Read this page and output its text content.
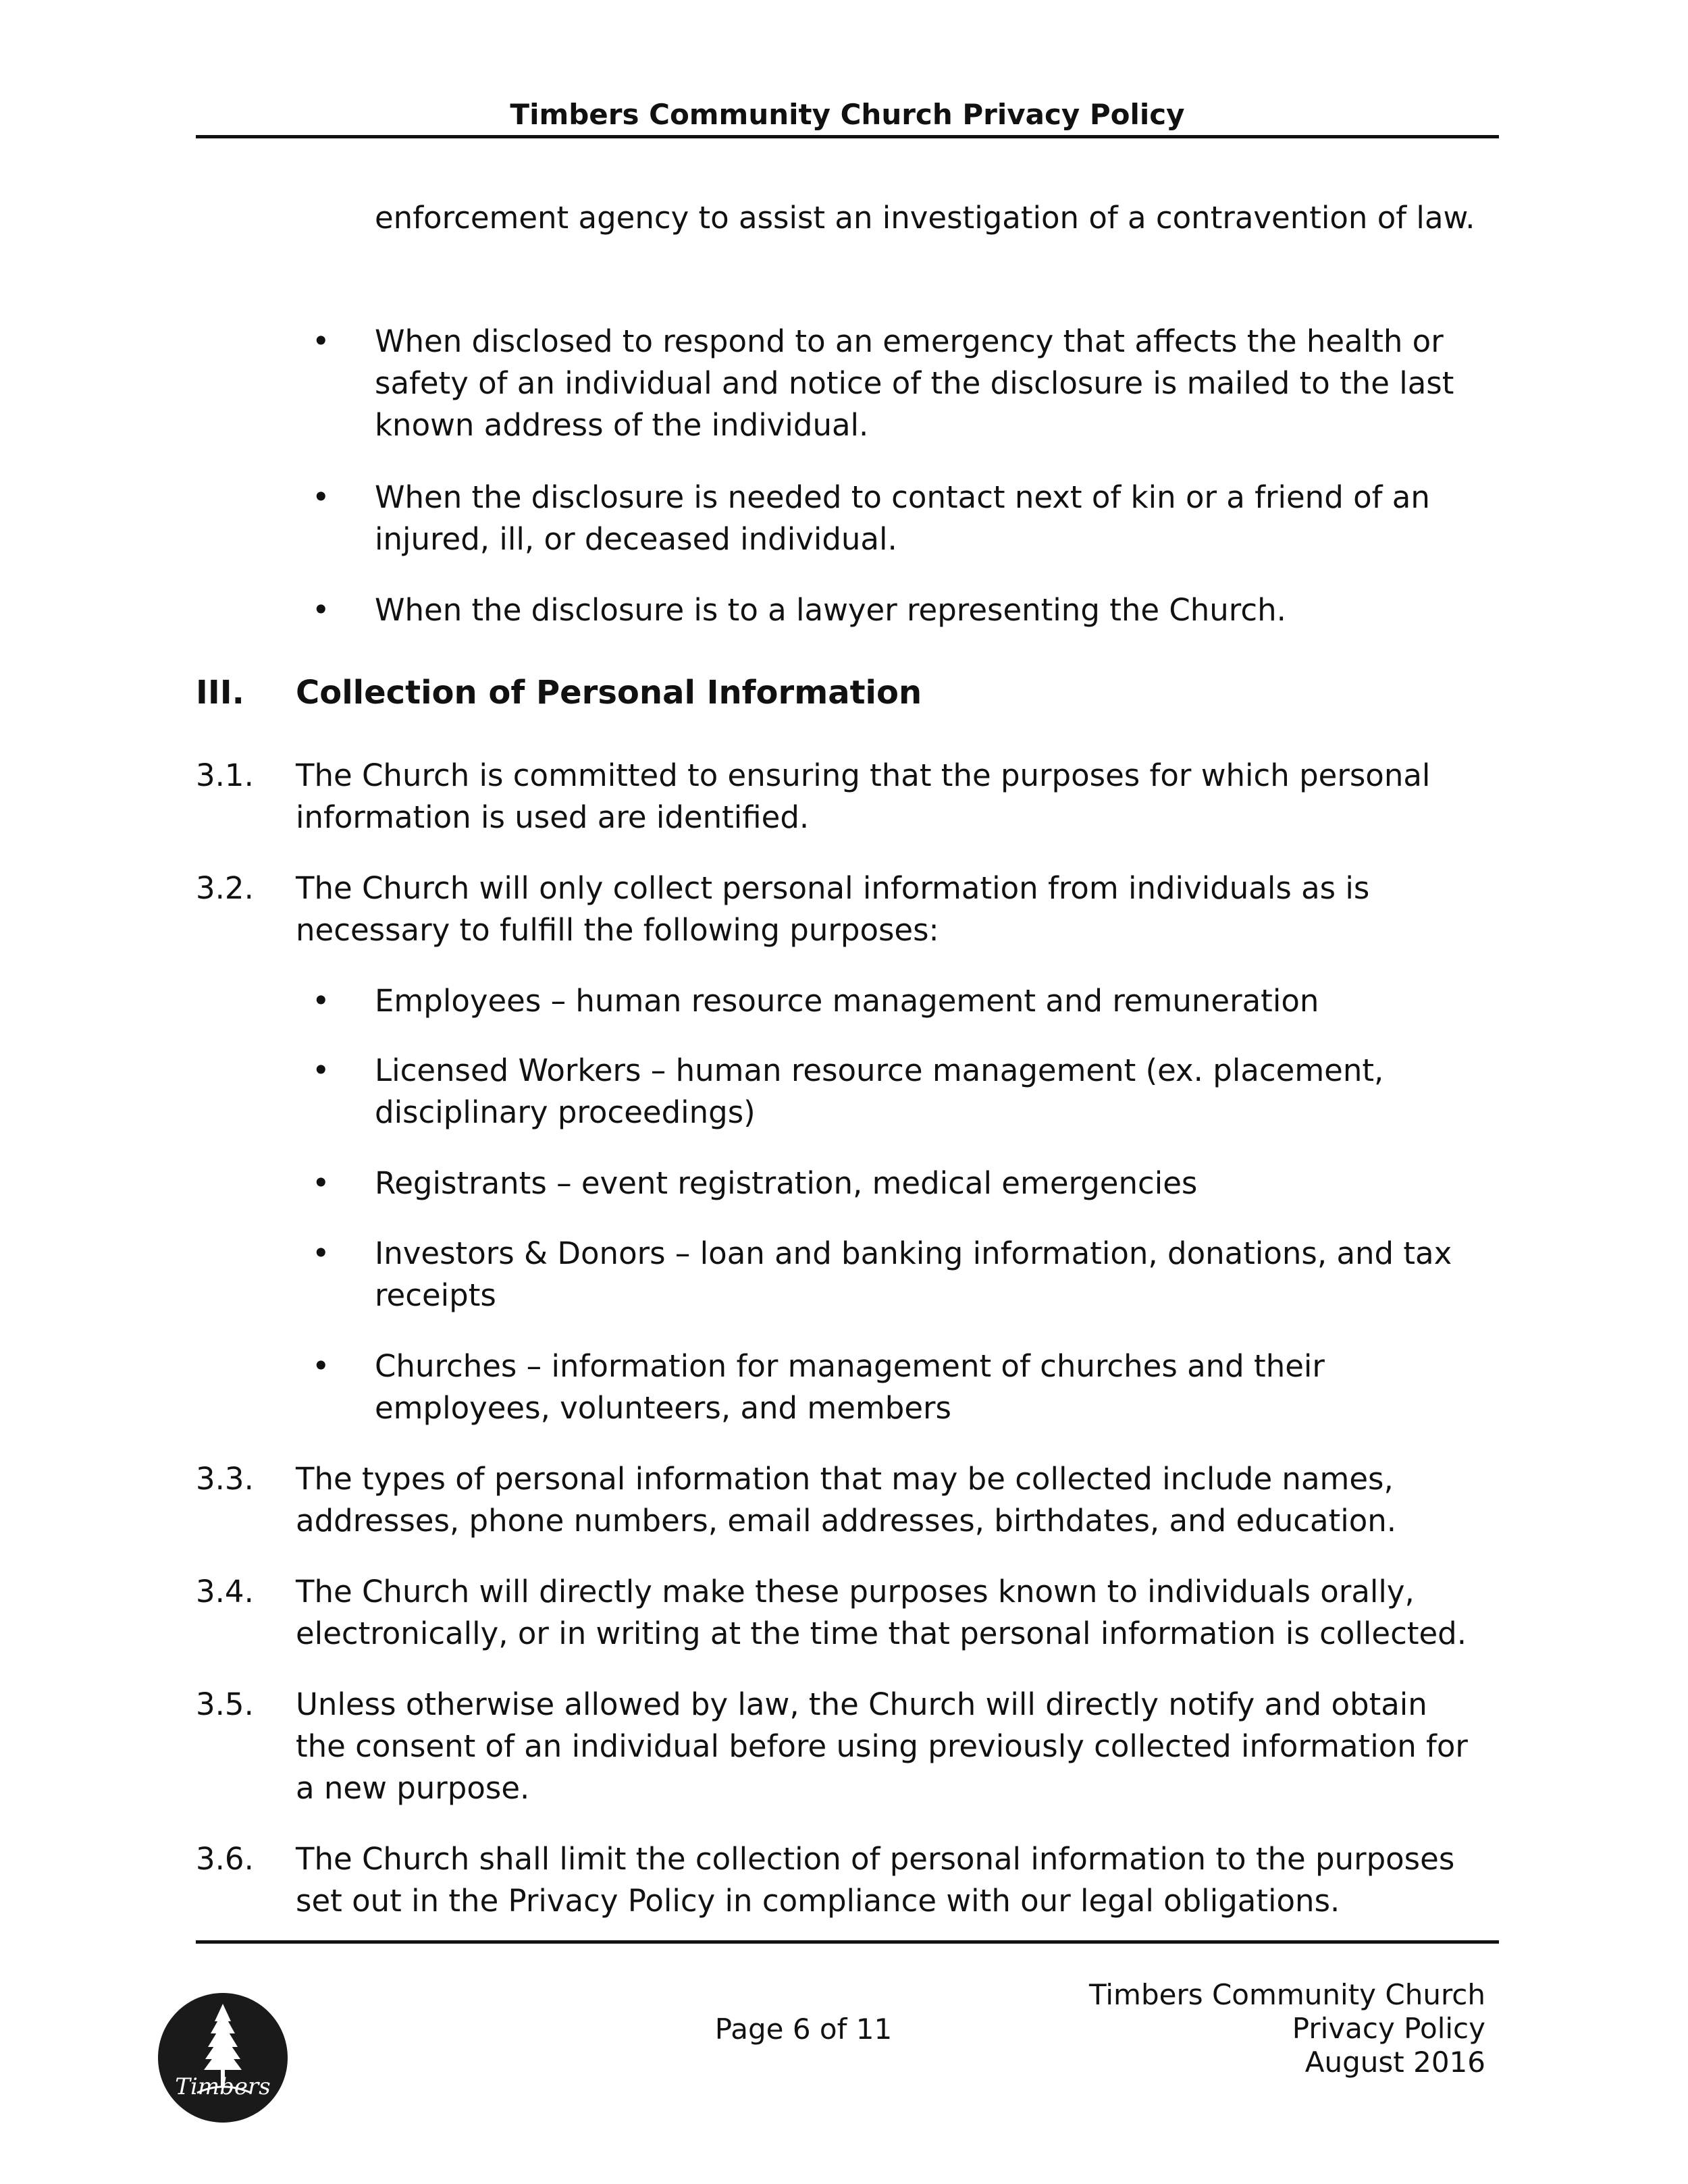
Timbers Community Church Privacy Policy
enforcement agency to assist an investigation of a contravention of law.
• When disclosed to respond to an emergency that affects the health or
safety of an individual and notice of the disclosure is mailed to the last
known address of the individual.
• When the disclosure is needed to contact next of kin or a friend of an
injured, ill, or deceased individual.
• When the disclosure is to a lawyer representing the Church.
III. Collection of Personal Information
3.1. The Church is committed to ensuring that the purposes for which personal
information is used are identified.
3.2. The Church will only collect personal information from individuals as is
necessary to fulfill the following purposes:
• Employees – human resource management and remuneration
• Licensed Workers – human resource management (ex. placement,
disciplinary proceedings)
• Registrants – event registration, medical emergencies
• Investors & Donors – loan and banking information, donations, and tax
receipts
• Churches – information for management of churches and their
employees, volunteers, and members
3.3. The types of personal information that may be collected include names,
addresses, phone numbers, email addresses, birthdates, and education.
3.4. The Church will directly make these purposes known to individuals orally,
electronically, or in writing at the time that personal information is collected.
3.5. Unless otherwise allowed by law, the Church will directly notify and obtain
the consent of an individual before using previously collected information for
a new purpose.
3.6. The Church shall limit the collection of personal information to the purposes
set out in the Privacy Policy in compliance with our legal obligations.
Timbers
Page 6 of 11
Timbers Community Church
Privacy Policy
August 2016
